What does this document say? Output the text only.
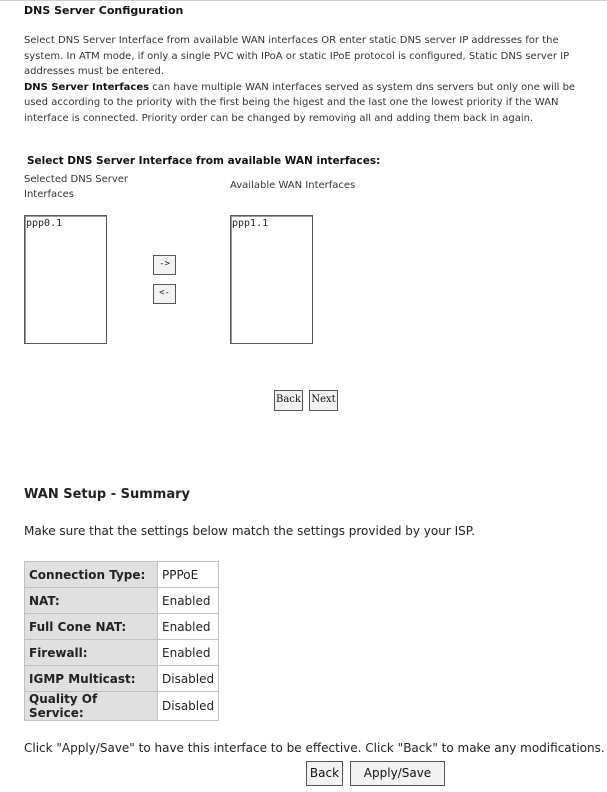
DNS Server Configuration
Select DNS Server Interface from available WAN interfaces OR enter static DNS server IP addresses for the system. In ATM mode, if only a single PVC with IPoA or static IPoE protocol is configured, Static DNS server IP addresses must be entered.
DNS Server Interfaces can have multiple WAN interfaces served as system dns servers but only one will be used according to the priority with the first being the higest and the last one the lowest priority if the WAN interface is connected. Priority order can be changed by removing all and adding them back in again.
Select DNS Server Interface from available WAN interfaces:
Selected DNS Server Interfaces
Available WAN Interfaces
ppp0.1
->
<-
ppp1.1
Back Next
WAN Setup - Summary
Make sure that the settings below match the settings provided by your ISP.
Connection Type:	PPPoE
NAT:	Enabled
Full Cone NAT:	Enabled
Firewall:	Enabled
IGMP Multicast:	Disabled
Quality Of Service:	Disabled
Click "Apply/Save" to have this interface to be effective. Click "Back" to make any modifications.
Back	Apply/Save
